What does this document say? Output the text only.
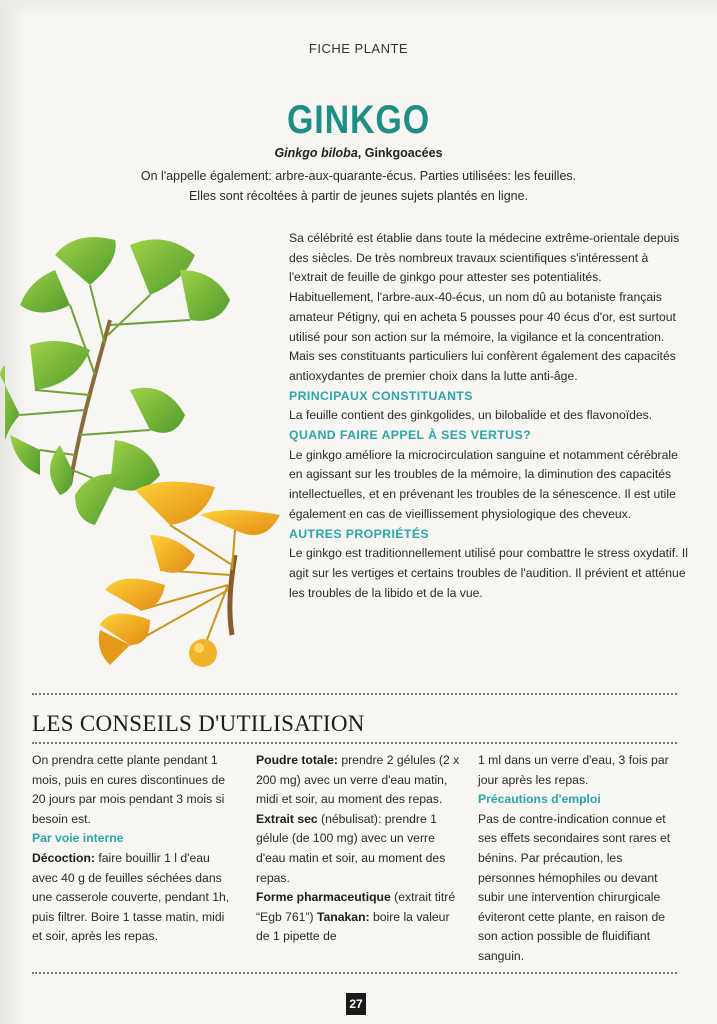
FICHE PLANTE
GINKGO
Ginkgo biloba, Ginkgoacées
On l'appelle également: arbre-aux-quarante-écus. Parties utilisées: les feuilles.
Elles sont récoltées à partir de jeunes sujets plantés en ligne.

Sa célébrité est établie dans toute la médecine extrême-orientale depuis des siècles. De très nombreux travaux scientifiques s'intéressent à l'extrait de feuille de ginkgo pour attester ses potentialités. Habituellement, l'arbre-aux-40-écus, un nom dû au botaniste français amateur Pétigny, qui en acheta 5 pousses pour 40 écus d'or, est surtout utilisé pour son action sur la mémoire, la vigilance et la concentration. Mais ses constituants particuliers lui confèrent également des capacités antioxydantes de premier choix dans la lutte anti-âge.

PRINCIPAUX CONSTITUANTS

La feuille contient des ginkgolides, un bilobalide et des flavonoïdes.

QUAND FAIRE APPEL À SES VERTUS?

Le ginkgo améliore la microcirculation sanguine et notamment cérébrale en agissant sur les troubles de la mémoire, la diminution des capacités intellectuelles, et en prévenant les troubles de la sénescence. Il est utile également en cas de vieillissement physiologique des cheveux.

AUTRES PROPRIÉTÉS

Le ginkgo est traditionnellement utilisé pour combattre le stress oxydatif. Il agit sur les vertiges et certains troubles de l'audition. Il prévient et atténue les troubles de la libido et de la vue.

LES CONSEILS D'UTILISATION

On prendra cette plante pendant 1 mois, puis en cures discontinues de 20 jours par mois pendant 3 mois si besoin est.

Par voie interne

Décoction: faire bouillir 1 l d'eau avec 40 g de feuilles séchées dans une casserole couverte, pendant 1h, puis filtrer. Boire 1 tasse matin, midi et soir, après les repas.

Poudre totale: prendre 2 gélules (2 x 200 mg) avec un verre d'eau matin, midi et soir, au moment des repas.

Extrait sec (nébulisat): prendre 1 gélule (de 100 mg) avec un verre d'eau matin et soir, au moment des repas.

Forme pharmaceutique (extrait titré “Egb 761”) Tanakan: boire la valeur de 1 pipette de

1 ml dans un verre d'eau, 3 fois par jour après les repas.

Précautions d'emploi

Pas de contre-indication connue et ses effets secondaires sont rares et bénins. Par précaution, les personnes hémophiles ou devant subir une intervention chirurgicale éviteront cette plante, en raison de son action possible de fluidifiant sanguin.

27
